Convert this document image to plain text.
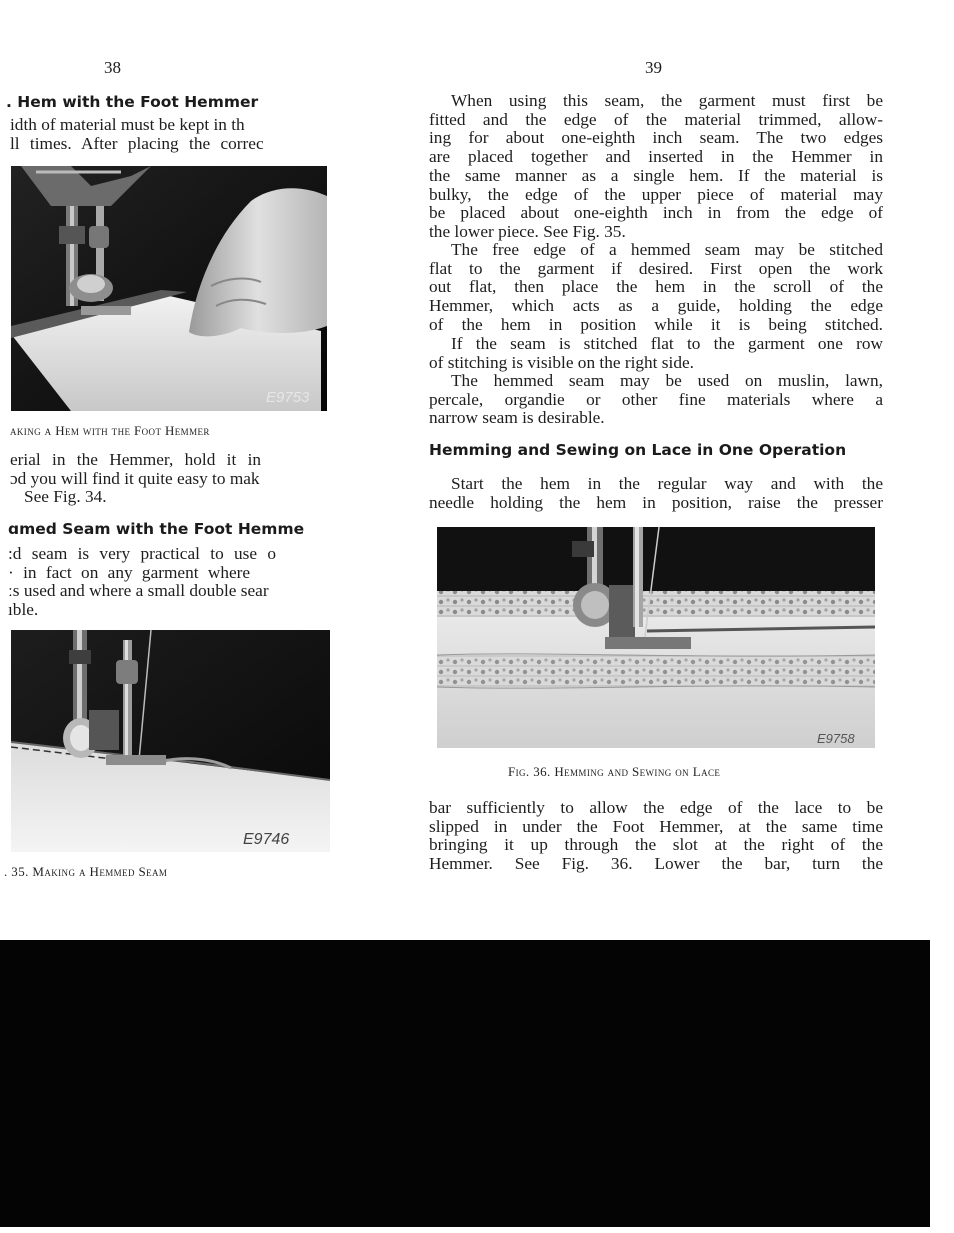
38
. Hem with the Foot Hemmer
idth of material must be kept in th
ll times. After placing the correc
E9753
aking a Hem with the Foot Hemmer
erial in the Hemmer, hold it in
ɔd you will find it quite easy to mak
See Fig. 34.
ɑmed Seam with the Foot Hemme
:d seam is very practical to use o
· in fact on any garment where
ːs used and where a small double sear
ıble.
E9746
. 35. Making a Hemmed Seam
39
When using this seam, the garment must first be
fitted and the edge of the material trimmed, allow-
ing for about one-eighth inch seam. The two edges
are placed together and inserted in the Hemmer in
the same manner as a single hem. If the material is
bulky, the edge of the upper piece of material may
be placed about one-eighth inch in from the edge of
the lower piece. See Fig. 35.
The free edge of a hemmed seam may be stitched
flat to the garment if desired. First open the work
out flat, then place the hem in the scroll of the
Hemmer, which acts as a guide, holding the edge
of the hem in position while it is being stitched.
If the seam is stitched flat to the garment one row
of stitching is visible on the right side.
The hemmed seam may be used on muslin, lawn,
percale, organdie or other fine materials where a
narrow seam is desirable.
Hemming and Sewing on Lace in One Operation
Start the hem in the regular way and with the
needle holding the hem in position, raise the presser
E9758
Fig. 36. Hemming and Sewing on Lace
bar sufficiently to allow the edge of the lace to be
slipped in under the Foot Hemmer, at the same time
bringing it up through the slot at the right of the
Hemmer. See Fig. 36. Lower the bar, turn the
